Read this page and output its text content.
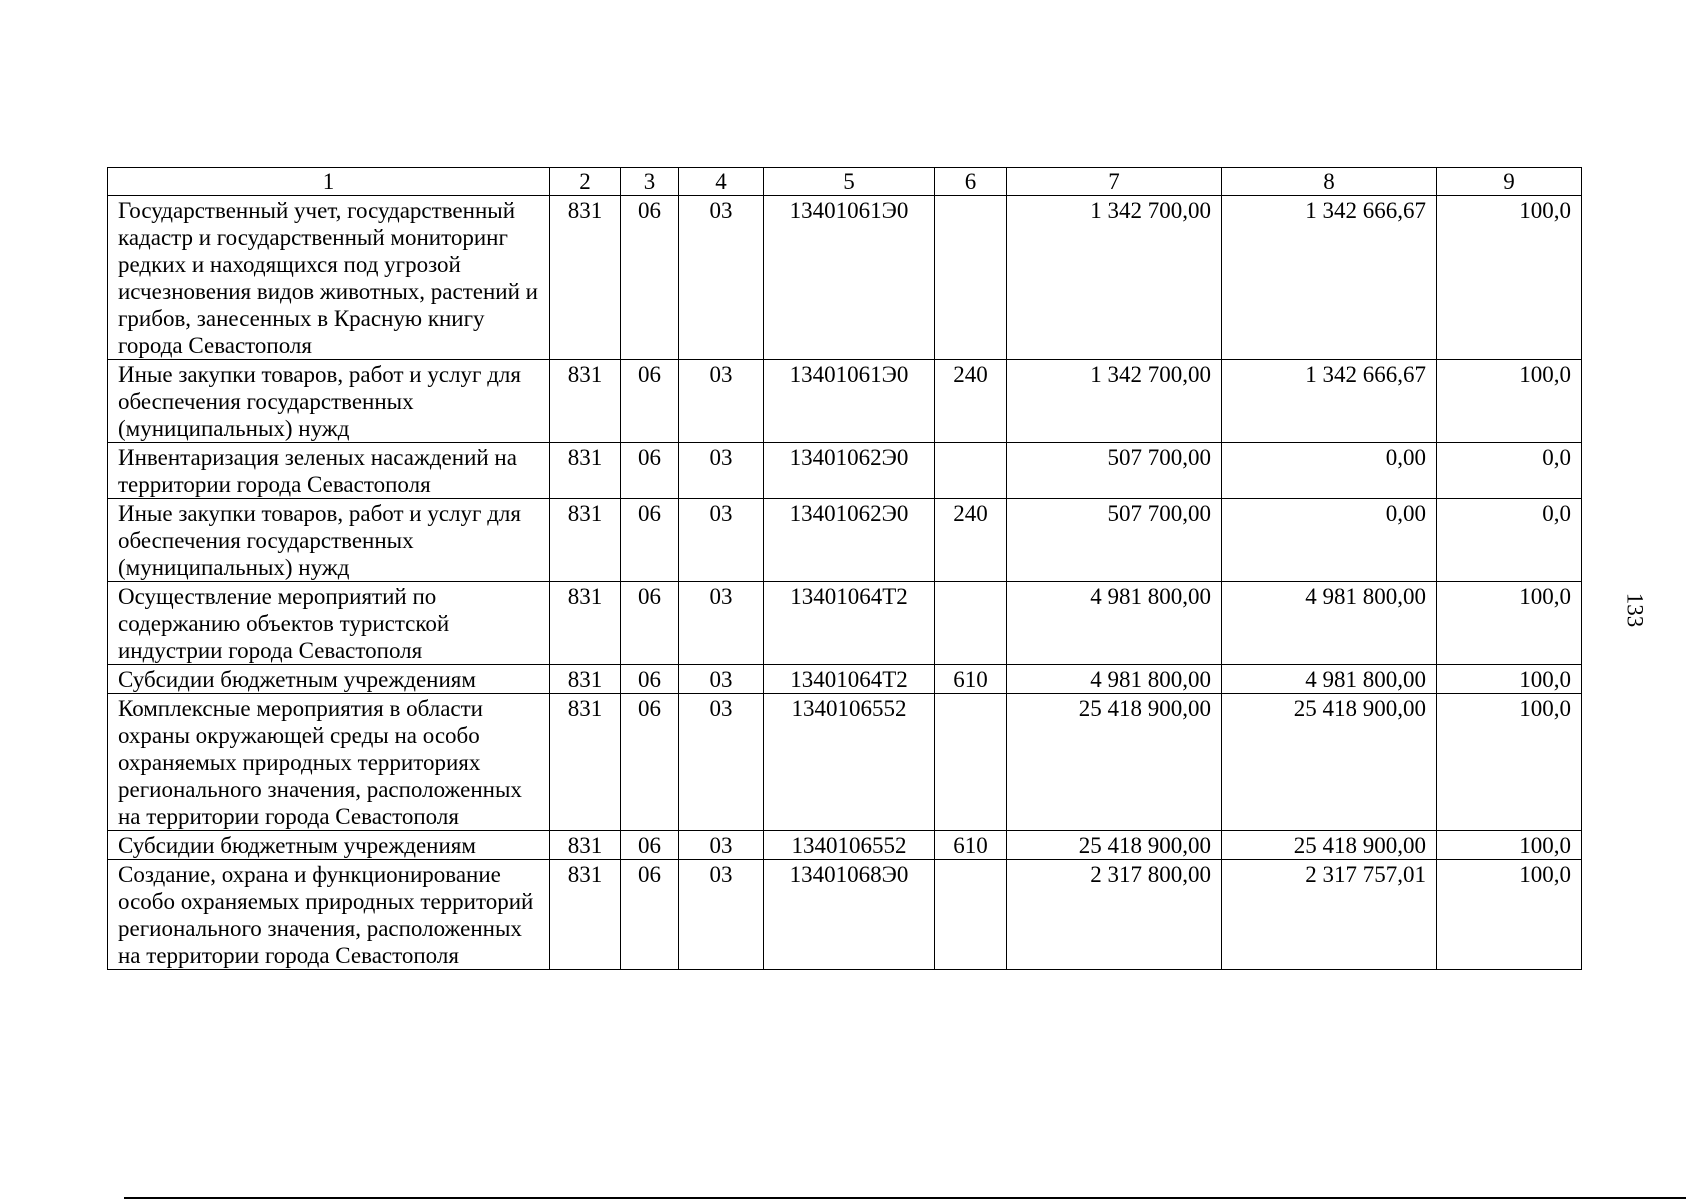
1	2	3	4	5	6	7	8	9
Государственный учет, государственный кадастр и государственный мониторинг редких и находящихся под угрозой исчезновения видов животных, растений и грибов, занесенных в Красную книгу города Севастополя	831	06	03	13401061Э0		1 342 700,00	1 342 666,67	100,0
Иные закупки товаров, работ и услуг для обеспечения государственных (муниципальных) нужд	831	06	03	13401061Э0	240	1 342 700,00	1 342 666,67	100,0
Инвентаризация зеленых насаждений на территории города Севастополя	831	06	03	13401062Э0		507 700,00	0,00	0,0
Иные закупки товаров, работ и услуг для обеспечения государственных (муниципальных) нужд	831	06	03	13401062Э0	240	507 700,00	0,00	0,0
Осуществление мероприятий по содержанию объектов туристской индустрии города Севастополя	831	06	03	13401064Т2		4 981 800,00	4 981 800,00	100,0
Субсидии бюджетным учреждениям	831	06	03	13401064Т2	610	4 981 800,00	4 981 800,00	100,0
Комплексные мероприятия в области охраны окружающей среды на особо охраняемых природных территориях регионального значения, расположенных на территории города Севастополя	831	06	03	1340106552		25 418 900,00	25 418 900,00	100,0
Субсидии бюджетным учреждениям	831	06	03	1340106552	610	25 418 900,00	25 418 900,00	100,0
Создание, охрана и функционирование особо охраняемых природных территорий регионального значения, расположенных на территории города Севастополя	831	06	03	13401068Э0		2 317 800,00	2 317 757,01	100,0
133
